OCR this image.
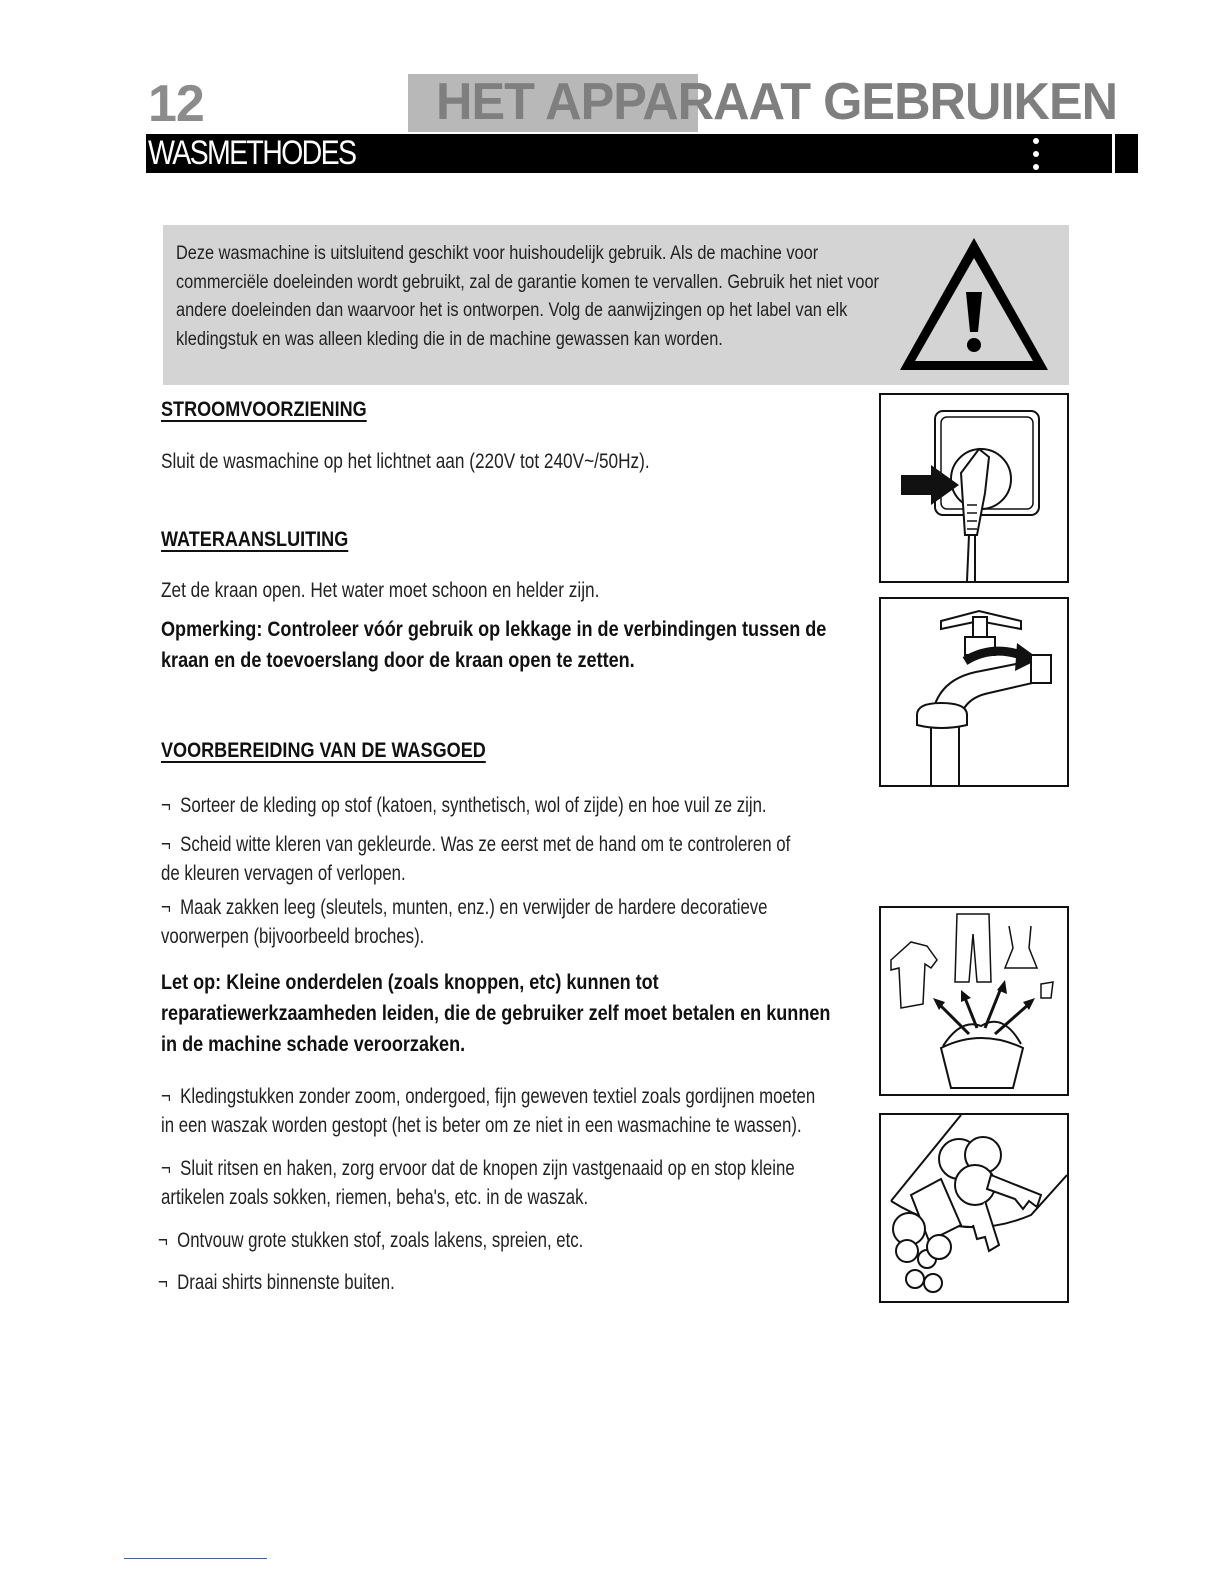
12	HET APPARAAT GEBRUIKEN
WASMETHODES
Deze wasmachine is uitsluitend geschikt voor huishoudelijk gebruik. Als de machine voor commerciële doeleinden wordt gebruikt, zal de garantie komen te vervallen. Gebruik het niet voor andere doeleinden dan waarvoor het is ontworpen. Volg de aanwijzingen op het label van elk kledingstuk en was alleen kleding die in de machine gewassen kan worden.
STROOMVOORZIENING
Sluit de wasmachine op het lichtnet aan (220V tot 240V~/50Hz).
WATERAANSLUITING
Zet de kraan open. Het water moet schoon en helder zijn.
Opmerking: Controleer vóór gebruik op lekkage in de verbindingen tussen de kraan en de toevoerslang door de kraan open te zetten.
VOORBEREIDING VAN DE WASGOED
¬ Sorteer de kleding op stof (katoen, synthetisch, wol of zijde) en hoe vuil ze zijn.
¬ Scheid witte kleren van gekleurde. Was ze eerst met de hand om te controleren of de kleuren vervagen of verlopen.
¬ Maak zakken leeg (sleutels, munten, enz.) en verwijder de hardere decoratieve voorwerpen (bijvoorbeeld broches).
Let op: Kleine onderdelen (zoals knoppen, etc) kunnen tot reparatiewerkzaamheden leiden, die de gebruiker zelf moet betalen en kunnen in de machine schade veroorzaken.
¬ Kledingstukken zonder zoom, ondergoed, fijn geweven textiel zoals gordijnen moeten in een waszak worden gestopt (het is beter om ze niet in een wasmachine te wassen).
¬ Sluit ritsen en haken, zorg ervoor dat de knopen zijn vastgenaaid op en stop kleine artikelen zoals sokken, riemen, beha's, etc. in de waszak.
¬ Ontvouw grote stukken stof, zoals lakens, spreien, etc.
¬ Draai shirts binnenste buiten.
